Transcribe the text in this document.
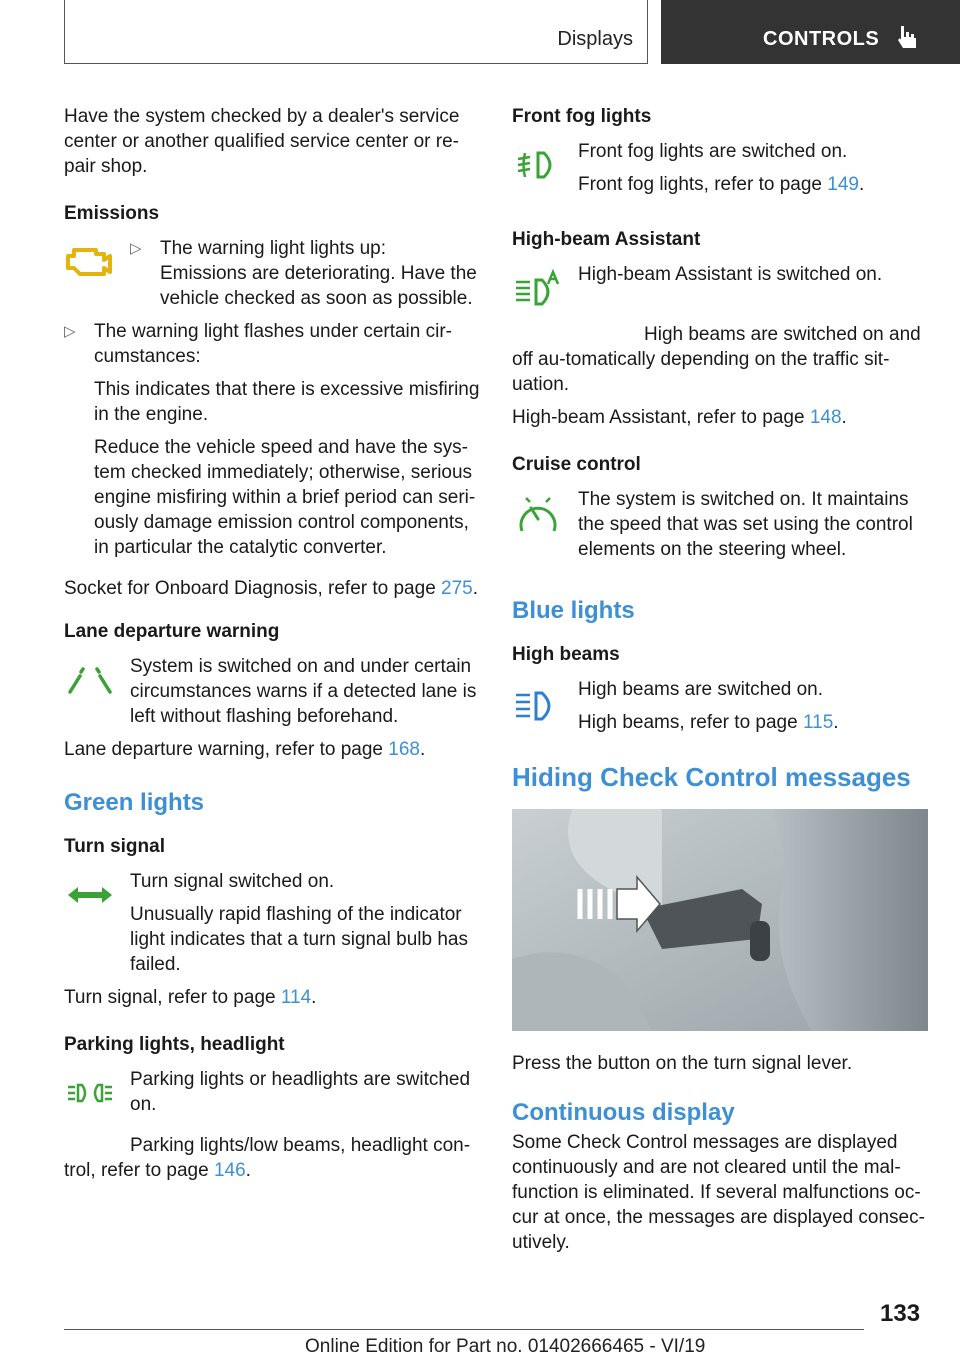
Displays	CONTROLS

Have the system checked by a dealer's service center or another qualified service center or re-pair shop.

Emissions
▷ The warning light lights up:

Emissions are deteriorating. Have the vehicle checked as soon as possible.

▷ The warning light flashes under certain cir-cumstances:

This indicates that there is excessive misfiring in the engine.

Reduce the vehicle speed and have the sys-tem checked immediately; otherwise, serious engine misfiring within a brief period can seri-ously damage emission control components, in particular the catalytic converter.

Socket for Onboard Diagnosis, refer to page 275.

Lane departure warning

System is switched on and under certain circumstances warns if a detected lane is left without flashing beforehand.

Lane departure warning, refer to page 168.

Green lights
Turn signal

Turn signal switched on.

Unusually rapid flashing of the indicator light indicates that a turn signal bulb has failed.

Turn signal, refer to page 114.

Parking lights, headlight

Parking lights or headlights are switched on.

Parking lights/low beams, headlight con-trol, refer to page 146.

Front fog lights

Front fog lights are switched on.

Front fog lights, refer to page 149.

High-beam Assistant

High-beam Assistant is switched on.

High beams are switched on and off au-tomatically depending on the traffic sit-uation.

High-beam Assistant, refer to page 148.

Cruise control

The system is switched on. It maintains the speed that was set using the control elements on the steering wheel.

Blue lights
High beams

High beams are switched on.

High beams, refer to page 115.

Hiding Check Control messages

Press the button on the turn signal lever.

Continuous display

Some Check Control messages are displayed continuously and are not cleared until the mal-function is eliminated. If several malfunctions oc-cur at once, the messages are displayed consec-utively.

133
Online Edition for Part no. 01402666465 - VI/19
